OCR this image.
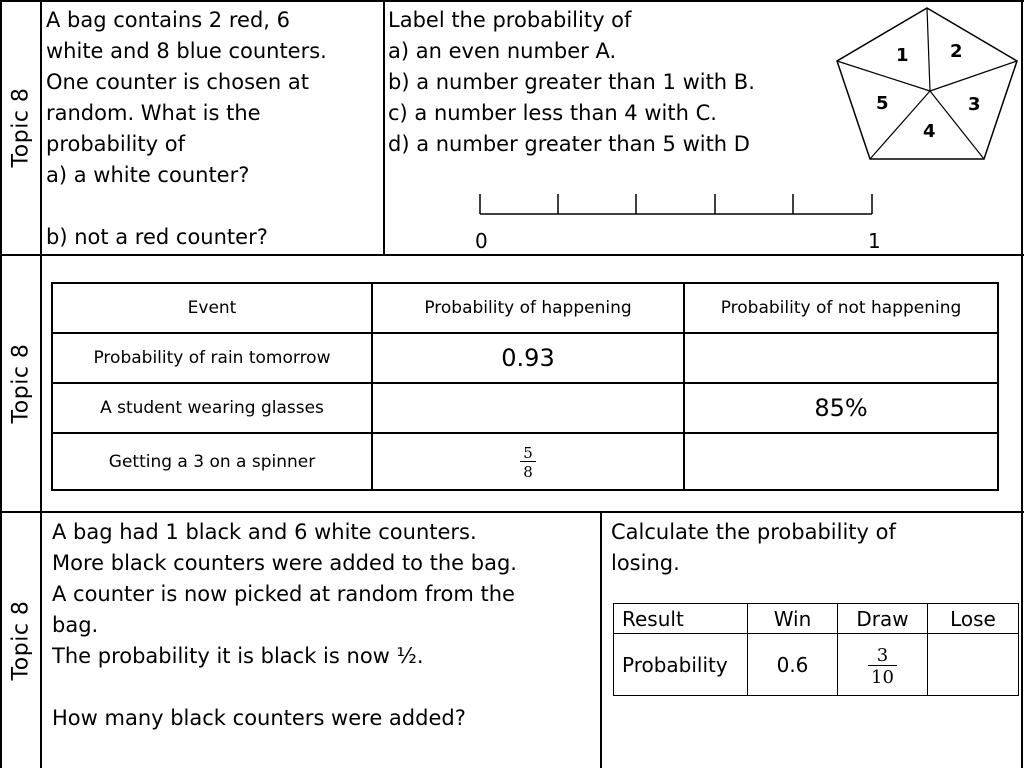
Topic 8
Topic 8
Topic 8

A bag contains 2 red, 6

white and 8 blue counters.

One counter is chosen at

random. What is the

probability of

a) a white counter?

b) not a red counter?

Label the probability of

a) an even number A.

b) a number greater than 1 with B.

c) a number less than 4 with C.

d) a number greater than 5 with D

0	1
1 2
3
4
5
Event	Probability of happening	Probability of not happening
Probability of rain tomorrow	0.93	
A student wearing glasses		85%
Getting a 3 on a spinner	$\frac{5}{8}$

A bag had 1 black and 6 white counters.

More black counters were added to the bag.

A counter is now picked at random from the

bag.

The probability it is black is now ½.

How many black counters were added?

Calculate the probability of

losing.

Result	Win	Draw	Lose
Probability	0.6	$\frac{3}{10}$
